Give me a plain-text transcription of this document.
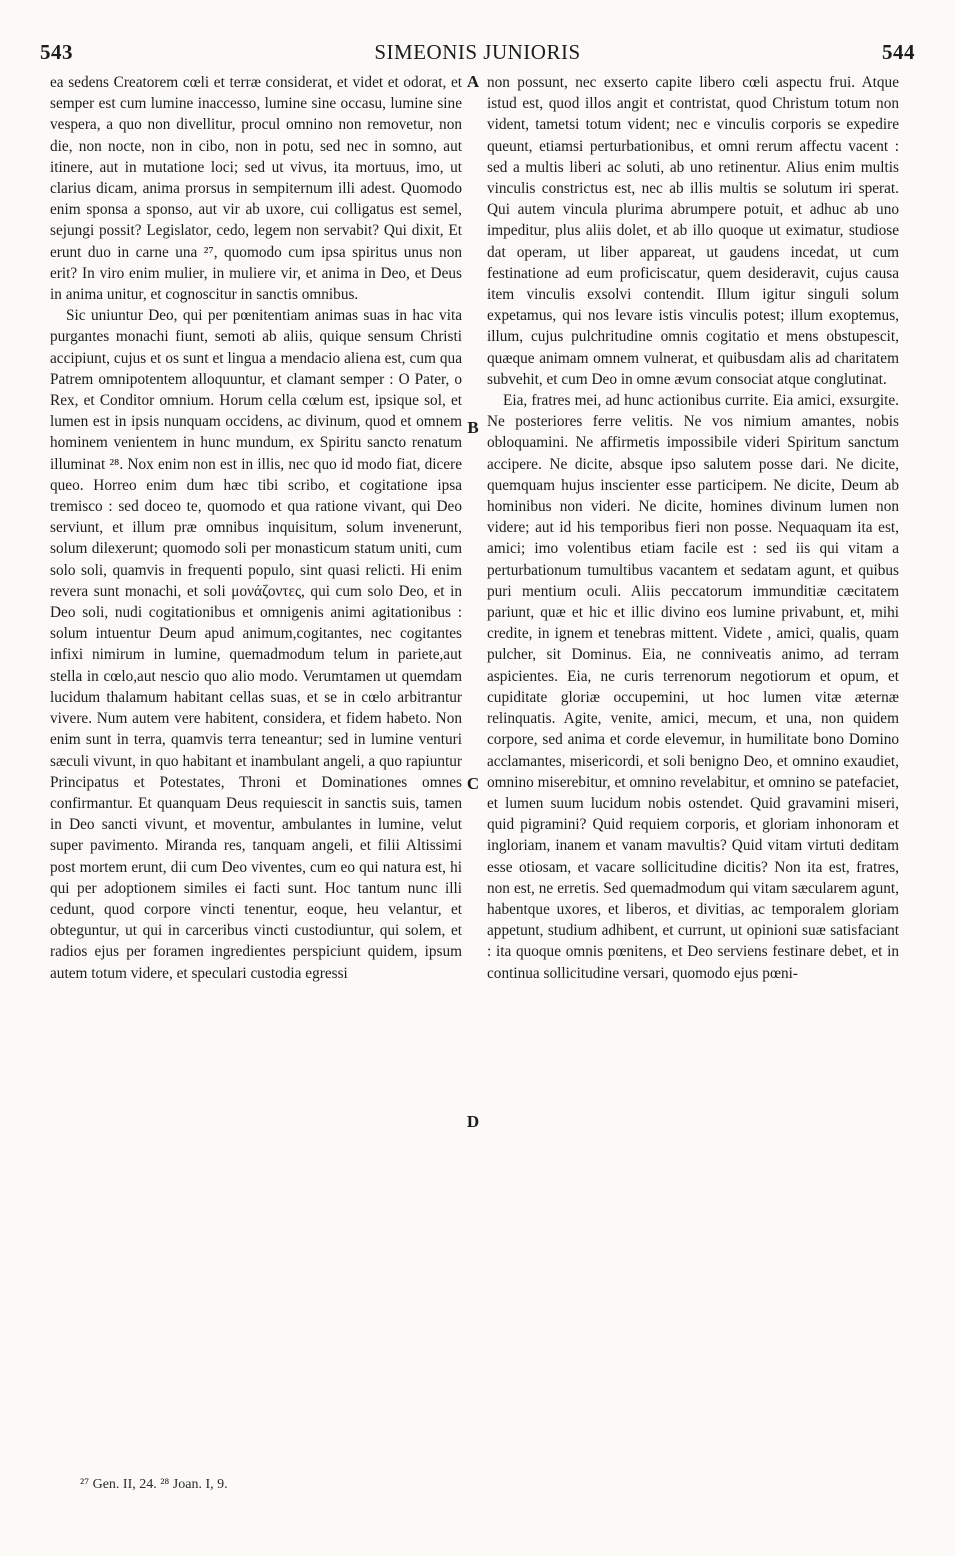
543	SIMEONIS JUNIORIS	544

ea sedens Creatorem cœli et terræ considerat, et videt et odorat, et semper est cum lumine inaccesso, lumine sine occasu, lumine sine vespera, a quo non divellitur, procul omnino non removetur, non die, non nocte, non in cibo, non in potu, sed nec in somno, aut itinere, aut in mutatione loci; sed ut vivus, ita mortuus, imo, ut clarius dicam, anima prorsus in sempiternum illi adest. Quomodo enim sponsa a sponso, aut vir ab uxore, cui colligatus est semel, sejungi possit? Legislator, cedo, legem non servabit? Qui dixit, Et erunt duo in carne una ²⁷, quomodo cum ipsa spiritus unus non erit? In viro enim mulier, in muliere vir, et anima in Deo, et Deus in anima unitur, et cognoscitur in sanctis omnibus.

Sic uniuntur Deo, qui per pœnitentiam animas suas in hac vita purgantes monachi fiunt, semoti ab aliis, quique sensum Christi accipiunt, cujus et os sunt et lingua a mendacio aliena est, cum qua Patrem omnipotentem alloquuntur, et clamant semper : O Pater, o Rex, et Conditor omnium. Horum cella cœlum est, ipsique sol, et lumen est in ipsis nunquam occidens, ac divinum, quod et omnem hominem venientem in hunc mundum, ex Spiritu sancto renatum illuminat ²⁸. Nox enim non est in illis, nec quo id modo fiat, dicere queo. Horreo enim dum hæc tibi scribo, et cogitatione ipsa tremisco : sed doceo te, quomodo et qua ratione vivant, qui Deo serviunt, et illum præ omnibus inquisitum, solum invenerunt, solum dilexerunt; quomodo soli per monasticum statum uniti, cum solo soli, quamvis in frequenti populo, sint quasi relicti. Hi enim revera sunt monachi, et soli μονάζοντες, qui cum solo Deo, et in Deo soli, nudi cogitationibus et omnigenis animi agitationibus : solum intuentur Deum apud animum,cogitantes, nec cogitantes infixi nimirum in lumine, quemadmodum telum in pariete,aut stella in cœlo,aut nescio quo alio modo. Verumtamen ut quemdam lucidum thalamum habitant cellas suas, et se in cœlo arbitrantur vivere. Num autem vere habitent, considera, et fidem habeto. Non enim sunt in terra, quamvis terra teneantur; sed in lumine venturi sæculi vivunt, in quo habitant et inambulant angeli, a quo rapiuntur Principatus et Potestates, Throni et Dominationes omnes confirmantur. Et quanquam Deus requiescit in sanctis suis, tamen in Deo sancti vivunt, et moventur, ambulantes in lumine, velut super pavimento. Miranda res, tanquam angeli, et filii Altissimi post mortem erunt, dii cum Deo viventes, cum eo qui natura est, hi qui per adoptionem similes ei facti sunt. Hoc tantum nunc illi cedunt, quod corpore vincti tenentur, eoque, heu velantur, et obteguntur, ut qui in carceribus vincti custodiuntur, qui solem, et radios ejus per foramen ingredientes perspiciunt quidem, ipsum autem totum videre, et speculari custodia egressi

A
B
C
D

non possunt, nec exserto capite libero cœli aspectu frui. Atque istud est, quod illos angit et contristat, quod Christum totum non vident, tametsi totum vident; nec e vinculis corporis se expedire queunt, etiamsi perturbationibus, et omni rerum affectu vacent : sed a multis liberi ac soluti, ab uno retinentur. Alius enim multis vinculis constrictus est, nec ab illis multis se solutum iri sperat. Qui autem vincula plurima abrumpere potuit, et adhuc ab uno impeditur, plus aliis dolet, et ab illo quoque ut eximatur, studiose dat operam, ut liber appareat, ut gaudens incedat, ut cum festinatione ad eum proficiscatur, quem desideravit, cujus causa item vinculis exsolvi contendit. Illum igitur singuli solum expetamus, qui nos levare istis vinculis potest; illum exoptemus, illum, cujus pulchritudine omnis cogitatio et mens obstupescit, quæque animam omnem vulnerat, et quibusdam alis ad charitatem subvehit, et cum Deo in omne ævum consociat atque conglutinat.

Eia, fratres mei, ad hunc actionibus currite. Eia amici, exsurgite. Ne posteriores ferre velitis. Ne vos nimium amantes, nobis obloquamini. Ne affirmetis impossibile videri Spiritum sanctum accipere. Ne dicite, absque ipso salutem posse dari. Ne dicite, quemquam hujus inscienter esse participem. Ne dicite, Deum ab hominibus non videri. Ne dicite, homines divinum lumen non videre; aut id his temporibus fieri non posse. Nequaquam ita est, amici; imo volentibus etiam facile est : sed iis qui vitam a perturbationum tumultibus vacantem et sedatam agunt, et quibus puri mentium oculi. Aliis peccatorum immunditiæ cæcitatem pariunt, quæ et hic et illic divino eos lumine privabunt, et, mihi credite, in ignem et tenebras mittent. Videte , amici, qualis, quam pulcher, sit Dominus. Eia, ne conniveatis animo, ad terram aspicientes. Eia, ne curis terrenorum negotiorum et opum, et cupiditate gloriæ occupemini, ut hoc lumen vitæ æternæ relinquatis. Agite, venite, amici, mecum, et una, non quidem corpore, sed anima et corde elevemur, in humilitate bono Domino acclamantes, misericordi, et soli benigno Deo, et omnino exaudiet, omnino miserebitur, et omnino revelabitur, et omnino se patefaciet, et lumen suum lucidum nobis ostendet. Quid gravamini miseri, quid pigramini? Quid requiem corporis, et gloriam inhonoram et ingloriam, inanem et vanam mavultis? Quid vitam virtuti deditam esse otiosam, et vacare sollicitudine dicitis? Non ita est, fratres, non est, ne erretis. Sed quemadmodum qui vitam sæcularem agunt, habentque uxores, et liberos, et divitias, ac temporalem gloriam appetunt, studium adhibent, et currunt, ut opinioni suæ satisfaciant : ita quoque omnis pœnitens, et Deo serviens festinare debet, et in continua sollicitudine versari, quomodo ejus pœni-

²⁷ Gen. II, 24. ²⁸ Joan. I, 9.
